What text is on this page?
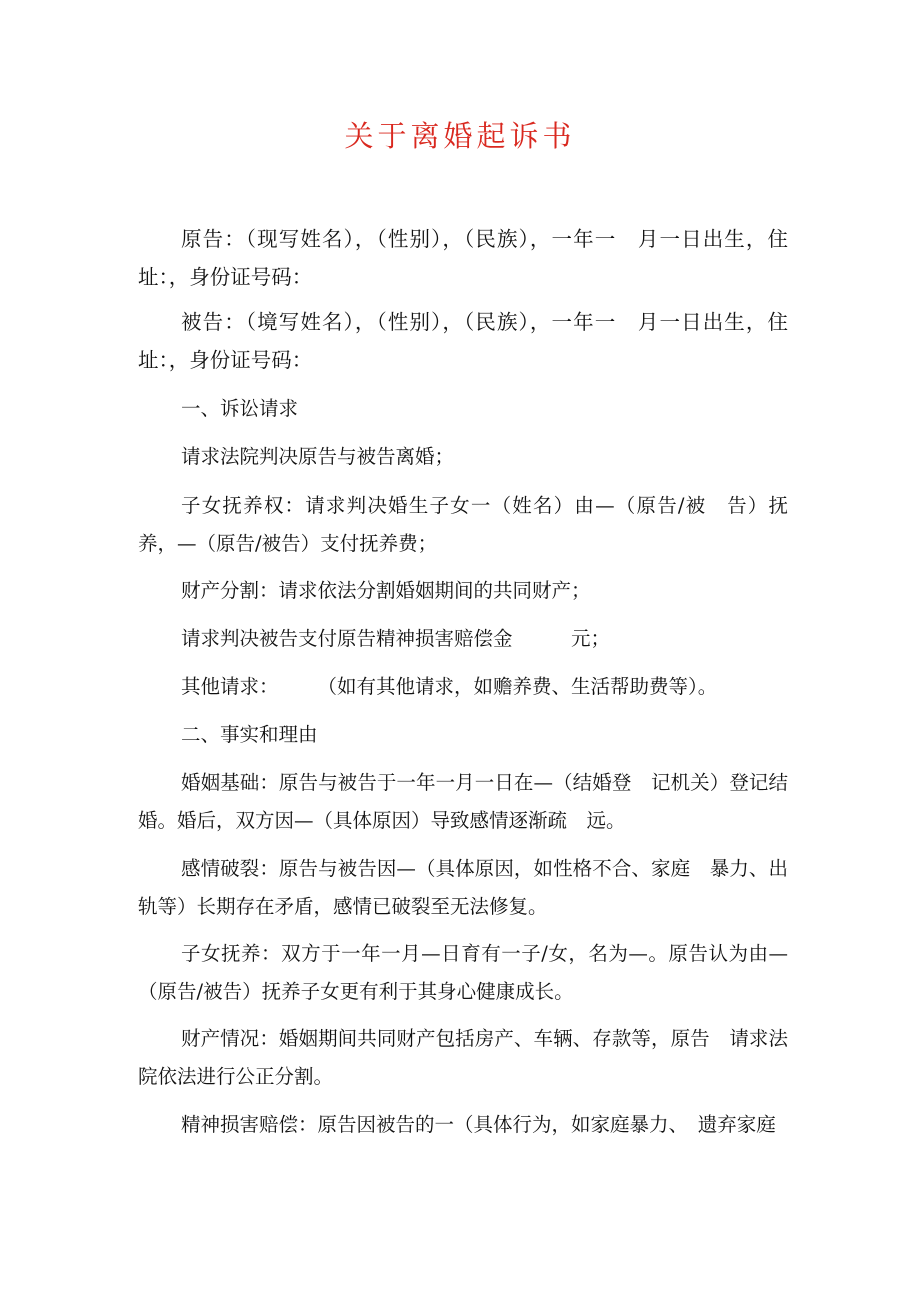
关于离婚起诉书

原告：（现写姓名），（性别），（民族），一年一　月一日出生，住址：，身份证号码：

被告：（境写姓名），（性别），（民族），一年一　月一日出生，住址：，身份证号码：

一、诉讼请求

请求法院判决原告与被告离婚；

子女抚养权：请求判决婚生子女一（姓名）由—（原告/被　告）抚养，—（原告/被告）支付抚养费；

财产分割：请求依法分割婚姻期间的共同财产；

请求判决被告支付原告精神损害赔偿金　　　元；

其他请求：　　　（如有其他请求，如赡养费、生活帮助费等）。

二、事实和理由

婚姻基础：原告与被告于一年一月一日在—（结婚登　记机关）登记结婚。婚后，双方因—（具体原因）导致感情逐渐疏　远。

感情破裂：原告与被告因—（具体原因，如性格不合、家庭　暴力、出轨等）长期存在矛盾，感情已破裂至无法修复。

子女抚养：双方于一年一月—日育有一子/女，名为—。原告认为由—（原告/被告）抚养子女更有利于其身心健康成长。

财产情况：婚姻期间共同财产包括房产、车辆、存款等，原告　请求法院依法进行公正分割。

精神损害赔偿：原告因被告的一（具体行为，如家庭暴力、　遗弃家庭
